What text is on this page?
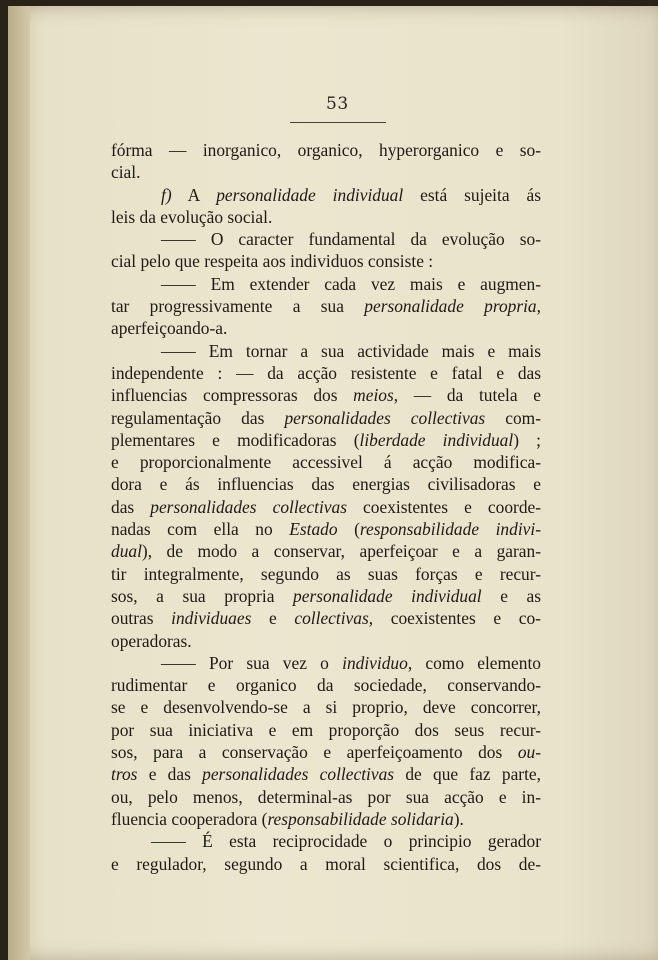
53
fórma — inorganico, organico, hyperorganico e so-
cial.
f) A personalidade individual está sujeita ás
leis da evolução social.
—— O caracter fundamental da evolução so-
cial pelo que respeita aos individuos consiste :
—— Em extender cada vez mais e augmen-
tar progressivamente a sua personalidade propria,
aperfeiçoando-a.
—— Em tornar a sua actividade mais e mais
independente : — da acção resistente e fatal e das
influencias compressoras dos meios, — da tutela e
regulamentação das personalidades collectivas com-
plementares e modificadoras (liberdade individual) ;
e proporcionalmente accessivel á acção modifica-
dora e ás influencias das energias civilisadoras e
das personalidades collectivas coexistentes e coorde-
nadas com ella no Estado (responsabilidade indivi-
dual), de modo a conservar, aperfeiçoar e a garan-
tir integralmente, segundo as suas forças e recur-
sos, a sua propria personalidade individual e as
outras individuaes e collectivas, coexistentes e co-
operadoras.
—— Por sua vez o individuo, como elemento
rudimentar e organico da sociedade, conservando-
se e desenvolvendo-se a si proprio, deve concorrer,
por sua iniciativa e em proporção dos seus recur-
sos, para a conservação e aperfeiçoamento dos ou-
tros e das personalidades collectivas de que faz parte,
ou, pelo menos, determinal-as por sua acção e in-
fluencia cooperadora (responsabilidade solidaria).
—— É esta reciprocidade o principio gerador
e regulador, segundo a moral scientifica, dos de-
